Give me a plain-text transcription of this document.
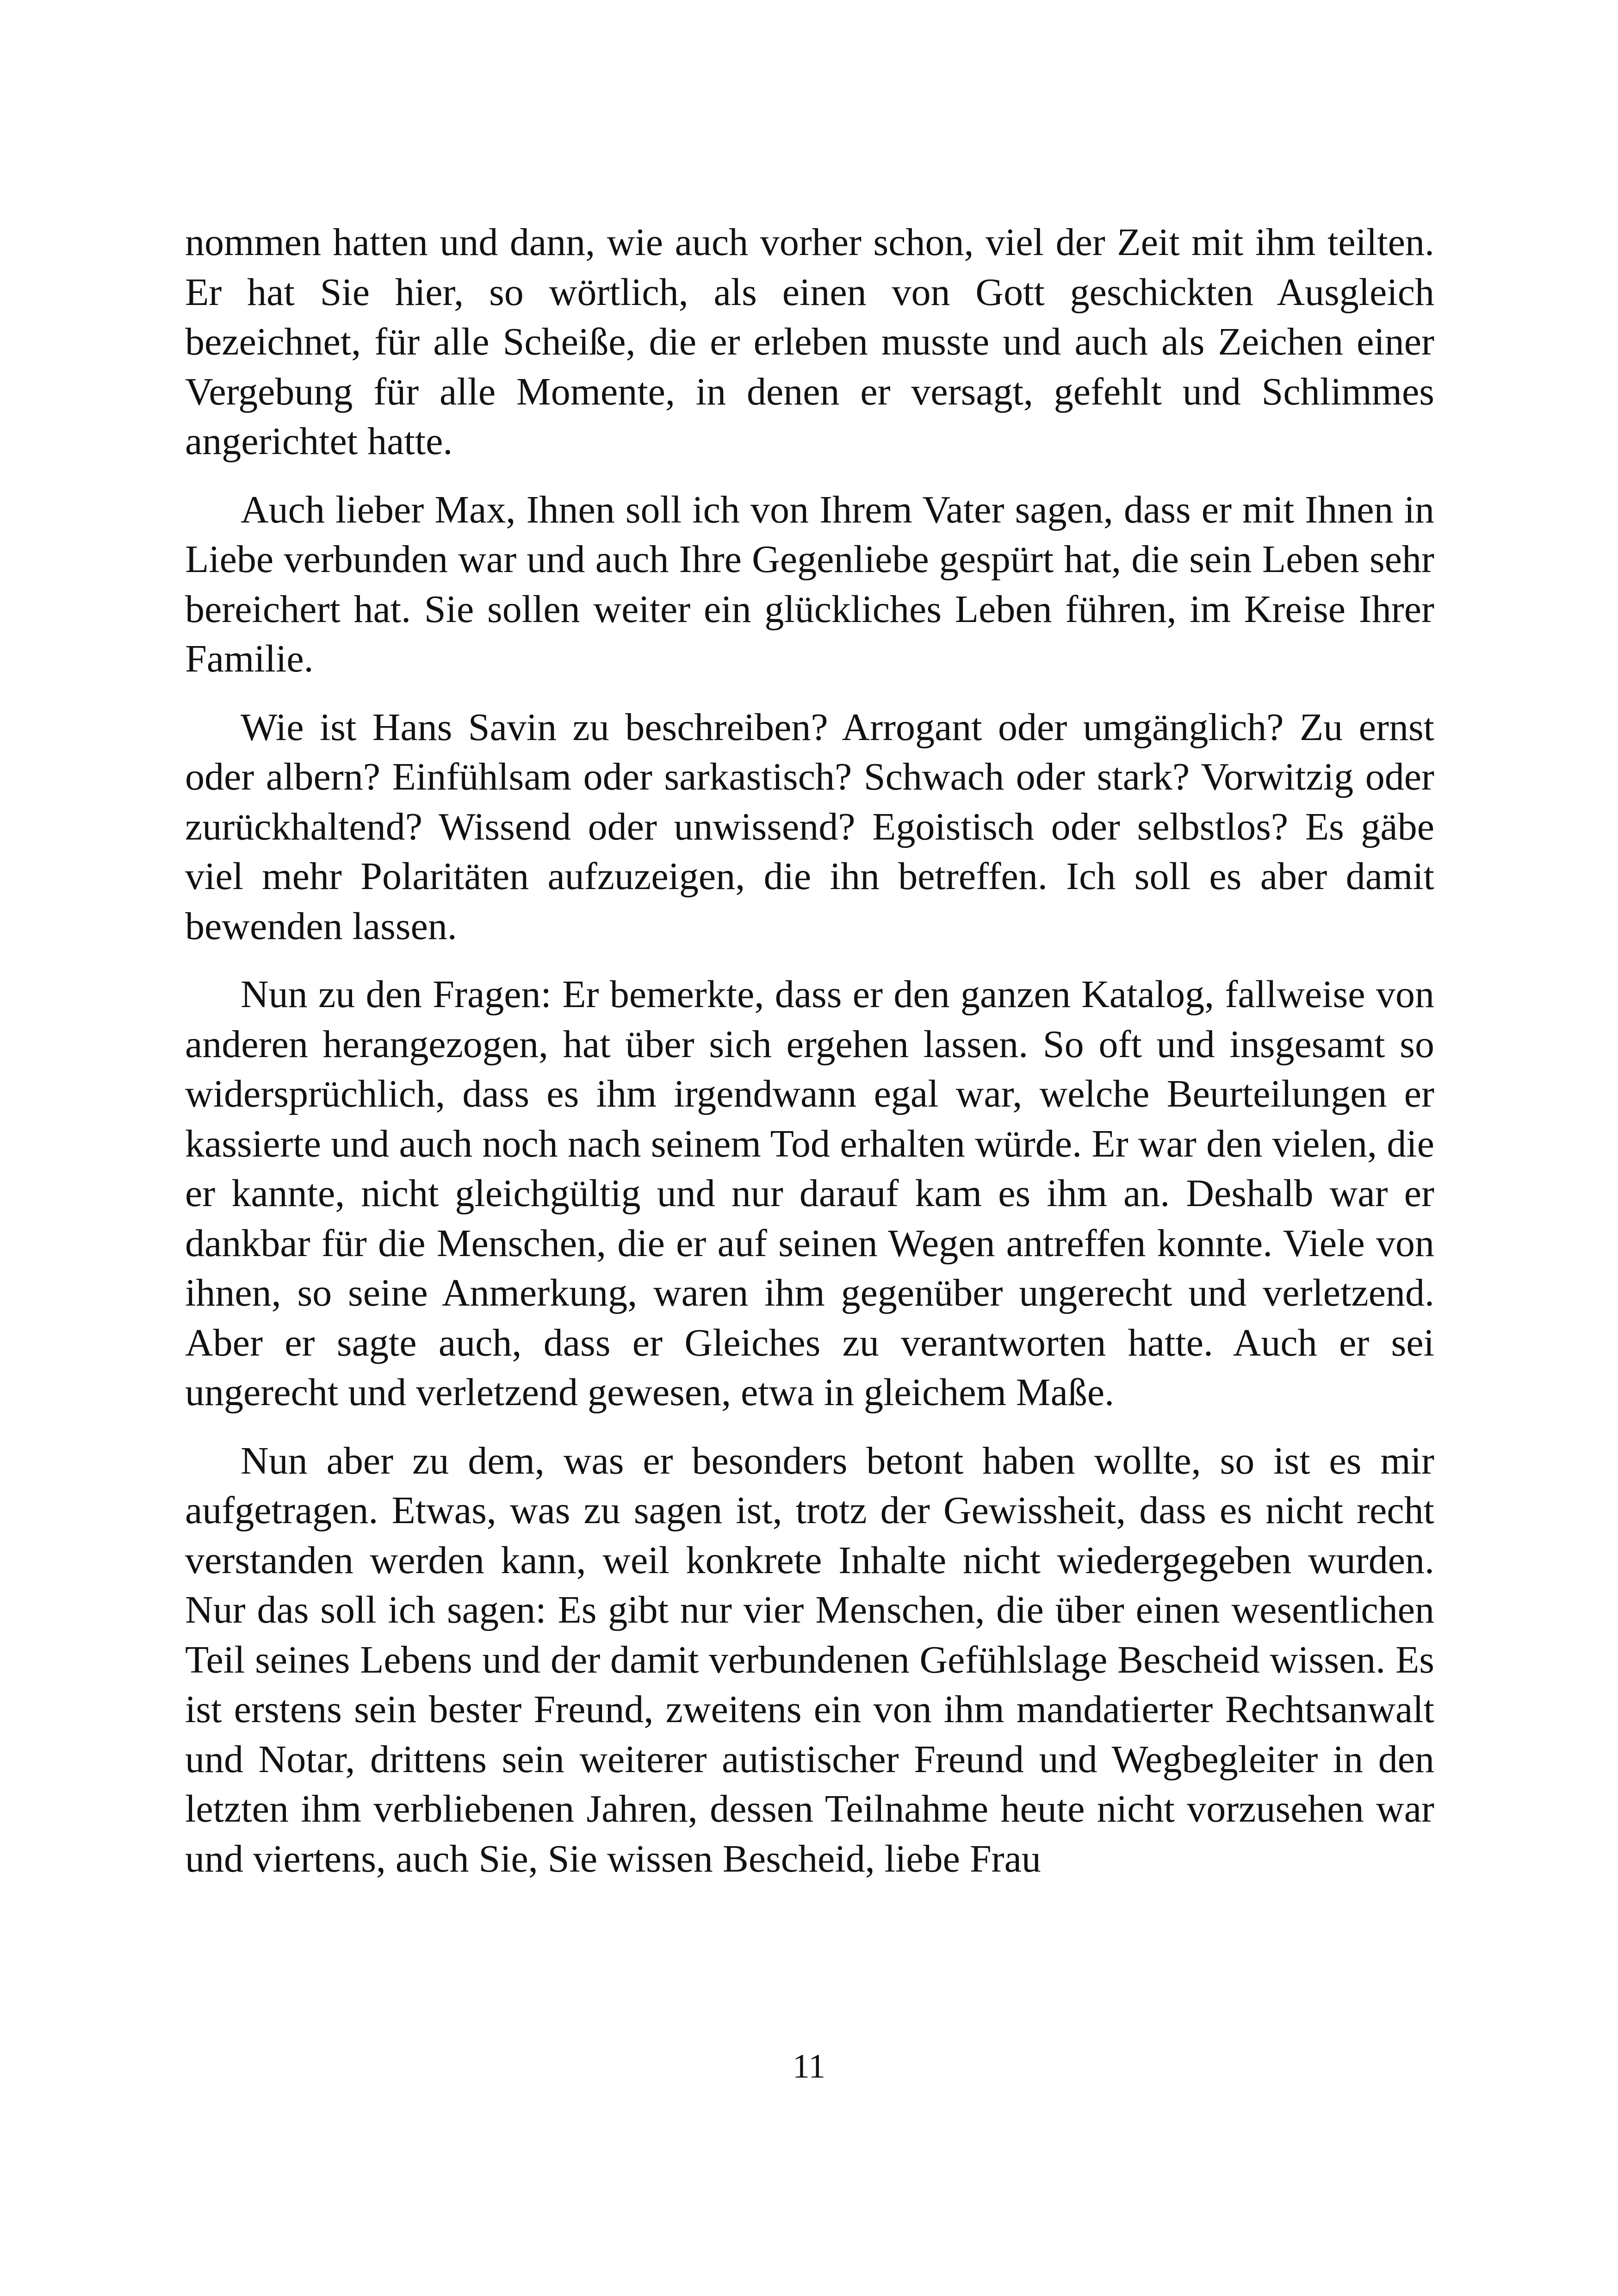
nommen hatten und dann, wie auch vorher schon, viel der Zeit mit ihm teilten. Er hat Sie hier, so wörtlich, als einen von Gott geschickten Ausgleich bezeichnet, für alle Scheiße, die er erleben musste und auch als Zeichen einer Vergebung für alle Momente, in denen er versagt, gefehlt und Schlimmes angerichtet hatte.

Auch lieber Max, Ihnen soll ich von Ihrem Vater sagen, dass er mit Ihnen in Liebe verbunden war und auch Ihre Gegenliebe gespürt hat, die sein Leben sehr bereichert hat. Sie sollen weiter ein glückliches Leben führen, im Kreise Ihrer Familie.

Wie ist Hans Savin zu beschreiben? Arrogant oder umgänglich? Zu ernst oder albern? Einfühlsam oder sarkastisch? Schwach oder stark? Vorwitzig oder zurückhaltend? Wissend oder unwissend? Egoistisch oder selbstlos? Es gäbe viel mehr Polaritäten aufzuzeigen, die ihn betreffen. Ich soll es aber damit bewenden lassen.

Nun zu den Fragen: Er bemerkte, dass er den ganzen Katalog, fallweise von anderen herangezogen, hat über sich ergehen lassen. So oft und insgesamt so widersprüchlich, dass es ihm irgendwann egal war, welche Beurteilungen er kassierte und auch noch nach seinem Tod erhalten würde. Er war den vielen, die er kannte, nicht gleichgültig und nur darauf kam es ihm an. Deshalb war er dankbar für die Menschen, die er auf seinen Wegen antreffen konnte. Viele von ihnen, so seine Anmerkung, waren ihm gegenüber ungerecht und verletzend. Aber er sagte auch, dass er Gleiches zu verantworten hatte. Auch er sei ungerecht und verletzend gewesen, etwa in gleichem Maße.

Nun aber zu dem, was er besonders betont haben wollte, so ist es mir aufgetragen. Etwas, was zu sagen ist, trotz der Gewissheit, dass es nicht recht verstanden werden kann, weil konkrete Inhalte nicht wiedergegeben wurden. Nur das soll ich sagen: Es gibt nur vier Menschen, die über einen wesentlichen Teil seines Lebens und der damit verbundenen Gefühlslage Bescheid wissen. Es ist erstens sein bester Freund, zweitens ein von ihm mandatierter Rechtsanwalt und Notar, drittens sein weiterer autistischer Freund und Wegbegleiter in den letzten ihm verbliebenen Jahren, dessen Teilnahme heute nicht vorzusehen war und viertens, auch Sie, Sie wissen Bescheid, liebe Frau

11
